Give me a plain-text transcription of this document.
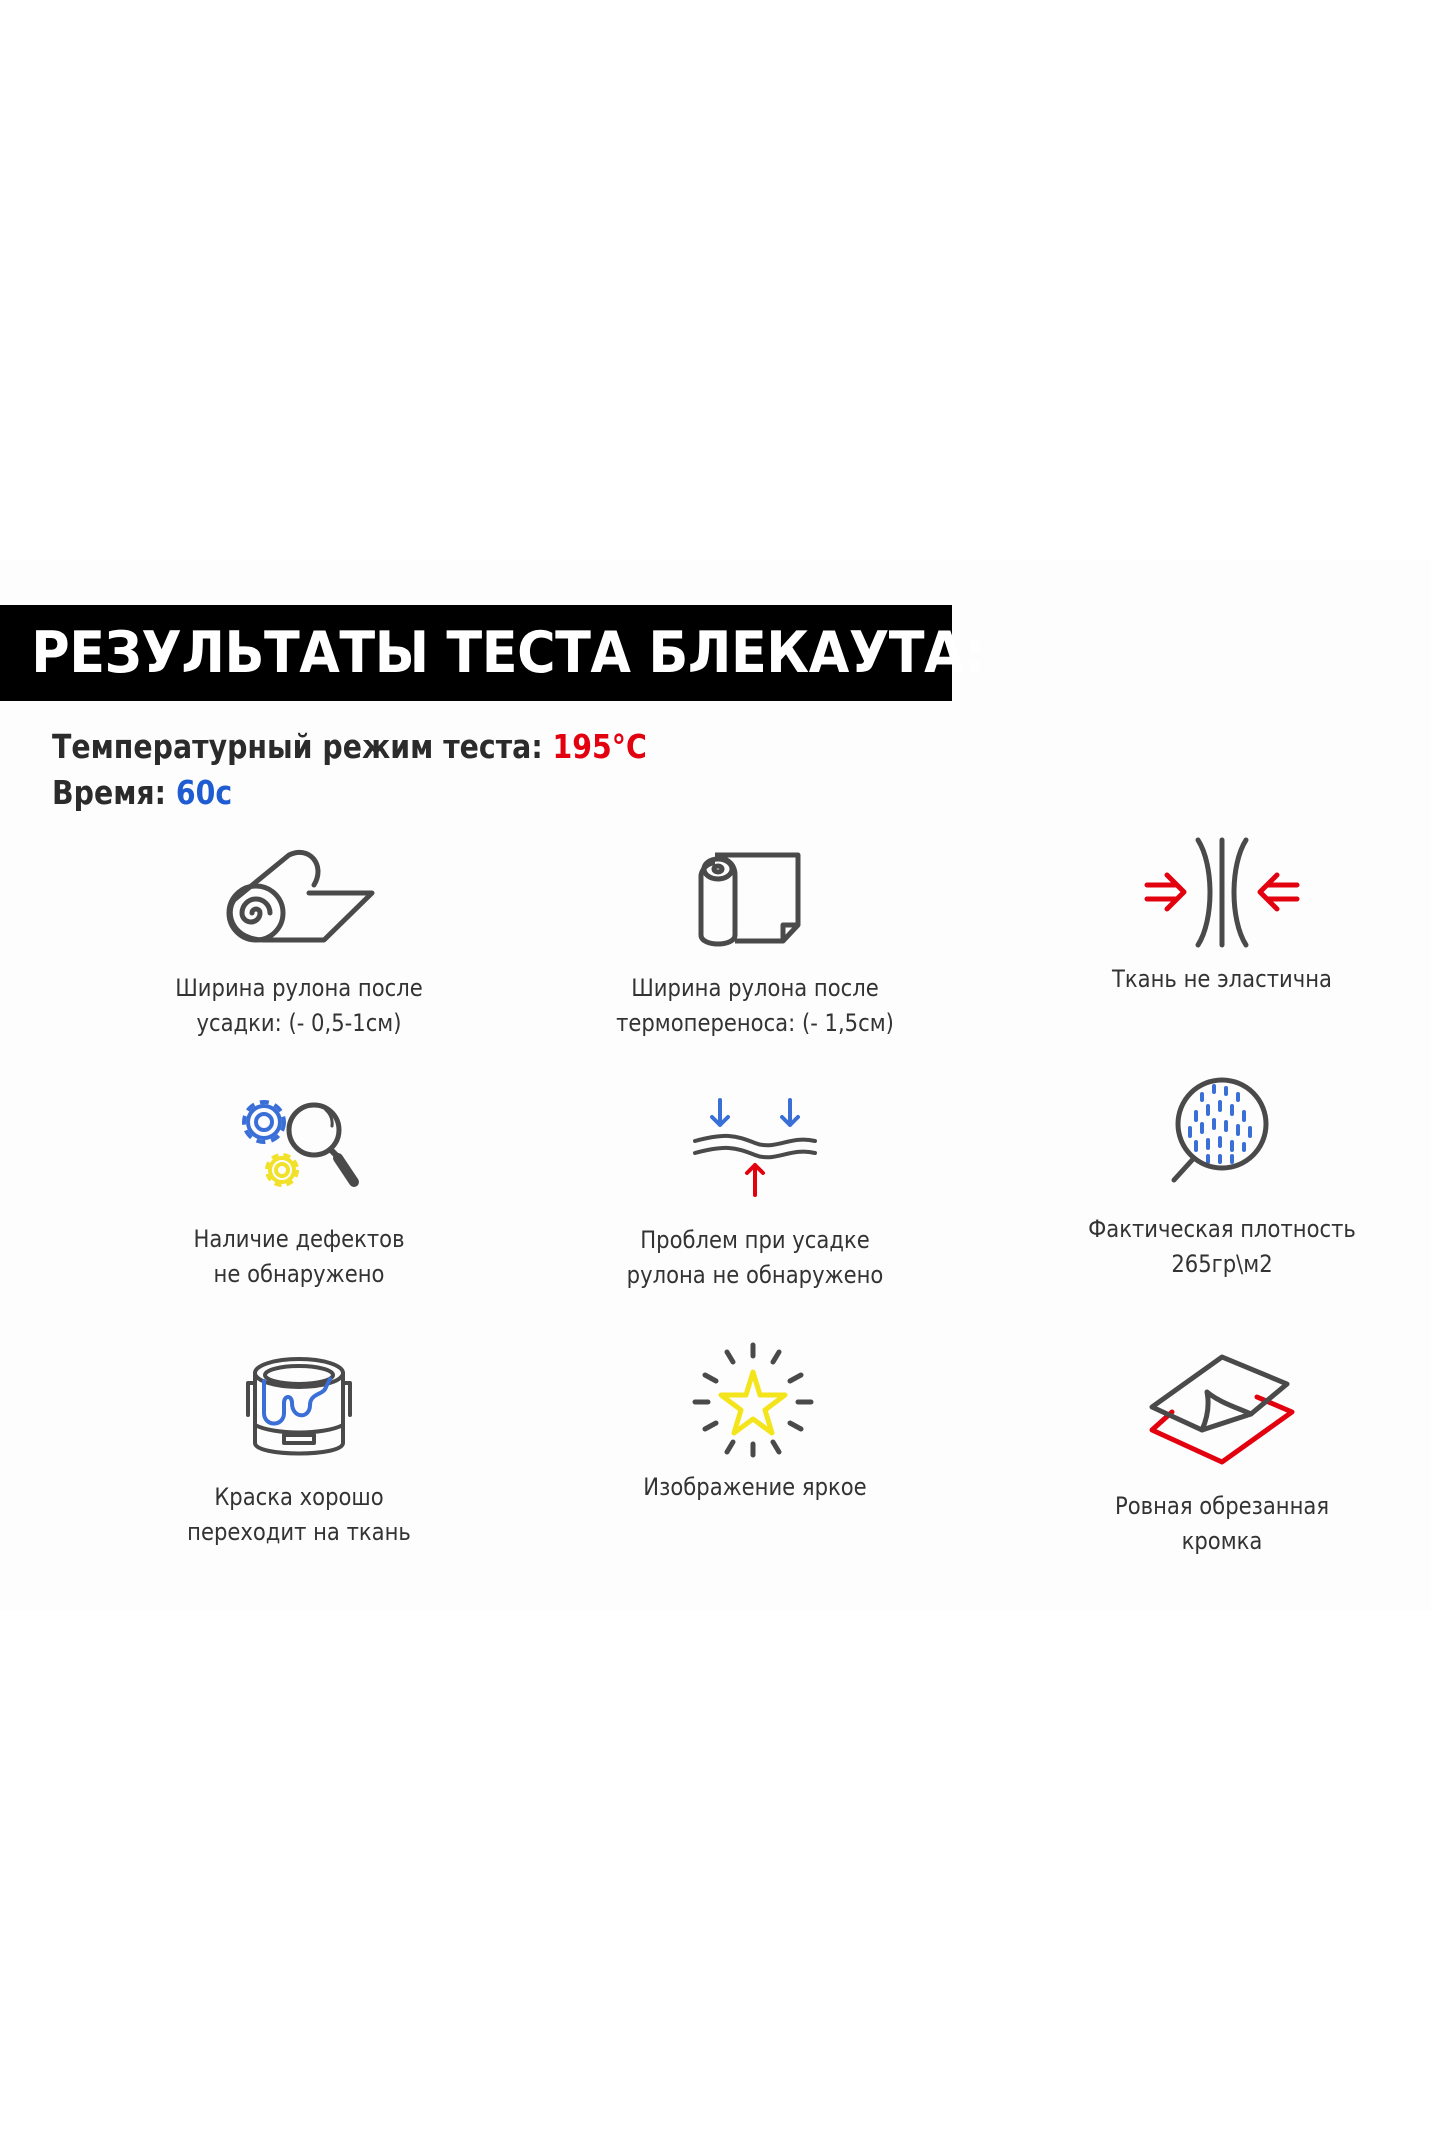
РЕЗУЛЬТАТЫ ТЕСТА БЛЕКАУТА:
Температурный режим теста: 195°C
Время: 60с
Ширина рулона после
усадки: (- 0,5-1см)
Ширина рулона после
термопереноса: (- 1,5см)
Ткань не эластична
Наличие дефектов
не обнаружено
Проблем при усадке
рулона не обнаружено
Фактическая плотность
265гр\м2
Краска хорошо
переходит на ткань
Изображение яркое
Ровная обрезанная
кромка
